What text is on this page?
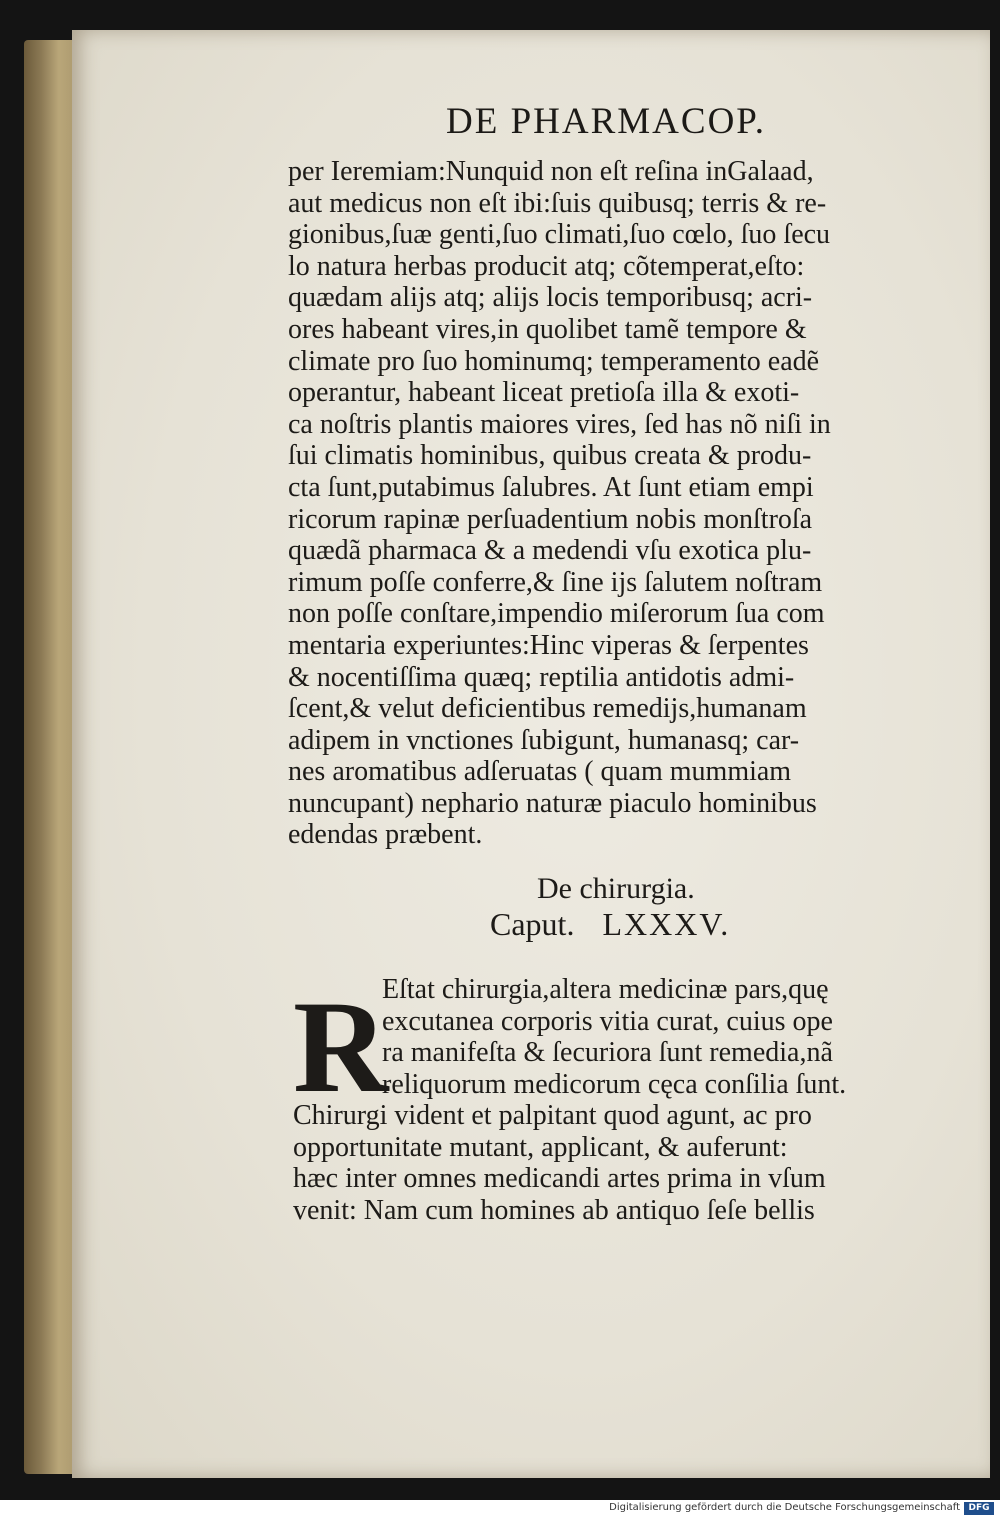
DE PHARMACOP.
per Ieremiam:Nunquid non eſt reſina inGalaad,
aut medicus non eſt ibi:ſuis quibusq; terris & re-
gionibus,ſuæ genti,ſuo climati,ſuo cœlo, ſuo ſecu
lo natura herbas producit atq; cõtemperat,eſto:
quædam alijs atq; alijs locis temporibusq; acri-
ores habeant vires,in quolibet tamẽ tempore &
climate pro ſuo hominumq; temperamento eadẽ
operantur, habeant liceat pretioſa illa & exoti-
ca noſtris plantis maiores vires, ſed has nõ niſi in
ſui climatis hominibus, quibus creata & produ-
cta ſunt,putabimus ſalubres. At ſunt etiam empi
ricorum rapinæ perſuadentium nobis monſtroſa
quædã pharmaca & a medendi vſu exotica plu-
rimum poſſe conferre,& ſine ijs ſalutem noſtram
non poſſe conſtare,impendio miſerorum ſua com
mentaria experiuntes:Hinc viperas & ſerpentes
& nocentiſſima quæq; reptilia antidotis admi-
ſcent,& velut deficientibus remedijs,humanam
adipem in vnctiones ſubigunt, humanasq; car-
nes aromatibus adſeruatas ( quam mummiam
nuncupant) nephario naturæ piaculo hominibus
edendas præbent.
De chirurgia.
Caput. LXXXV.
R
Eſtat chirurgia,altera medicinæ pars,quę
excutanea corporis vitia curat, cuius ope
ra manifeſta & ſecuriora ſunt remedia,nã
reliquorum medicorum cęca conſilia ſunt.
Chirurgi vident et palpitant quod agunt, ac pro
opportunitate mutant, applicant, & auferunt:
hæc inter omnes medicandi artes prima in vſum
venit: Nam cum homines ab antiquo ſeſe bellis
Digitalisierung gefördert durch die Deutsche Forschungsgemeinschaft DFG
